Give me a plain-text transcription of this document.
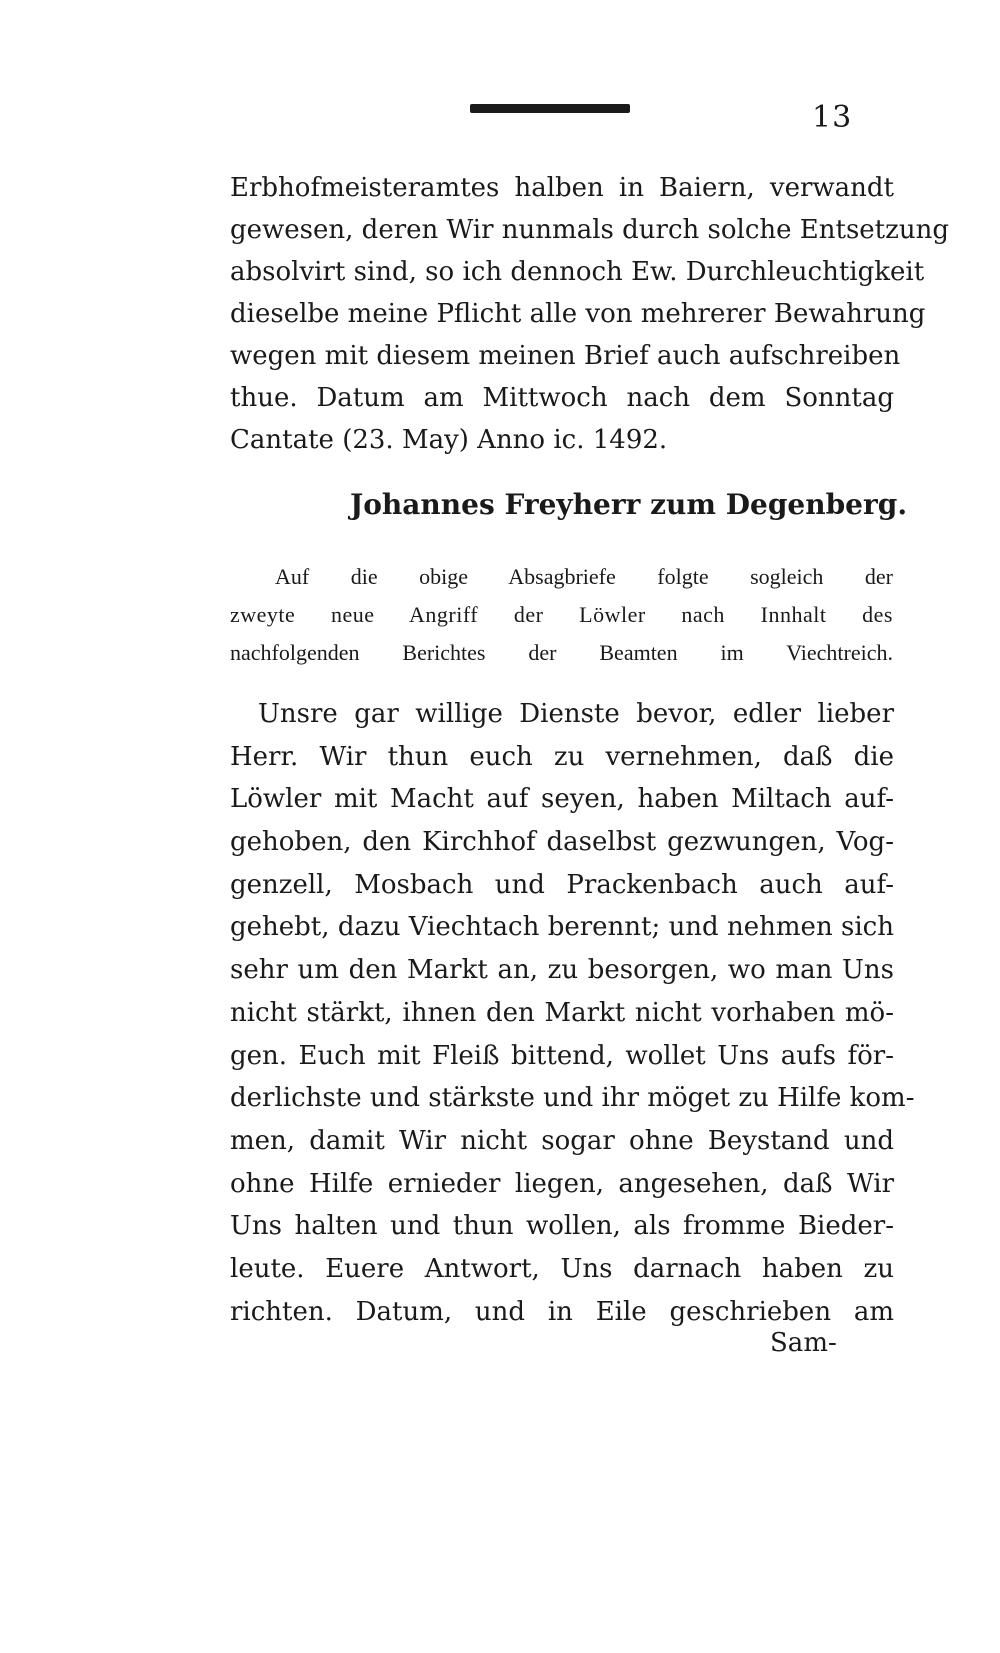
13
Erbhofmeisteramtes halben in Baiern, verwandt
gewesen, deren Wir nunmals durch solche Entsetzung
absolvirt sind, so ich dennoch Ew. Durchleuchtigkeit
dieselbe meine Pflicht alle von mehrerer Bewahrung
wegen mit diesem meinen Brief auch aufschreiben
thue. Datum am Mittwoch nach dem Sonntag
Cantate (23. May) Anno ic. 1492.
Johannes Freyherr zum Degenberg.
Auf die obige Absagbriefe folgte sogleich der
zweyte neue Angriff der Löwler nach Innhalt des
nachfolgenden Berichtes der Beamten im Viechtreich.
Unsre gar willige Dienste bevor, edler lieber
Herr. Wir thun euch zu vernehmen, daß die
Löwler mit Macht auf seyen, haben Miltach auf-
gehoben, den Kirchhof daselbst gezwungen, Vog-
genzell, Mosbach und Prackenbach auch auf-
gehebt, dazu Viechtach berennt; und nehmen sich
sehr um den Markt an, zu besorgen, wo man Uns
nicht stärkt, ihnen den Markt nicht vorhaben mö-
gen. Euch mit Fleiß bittend, wollet Uns aufs för-
derlichste und stärkste und ihr möget zu Hilfe kom-
men, damit Wir nicht sogar ohne Beystand und
ohne Hilfe ernieder liegen, angesehen, daß Wir
Uns halten und thun wollen, als fromme Bieder-
leute. Euere Antwort, Uns darnach haben zu
richten. Datum, und in Eile geschrieben am
Sam-
